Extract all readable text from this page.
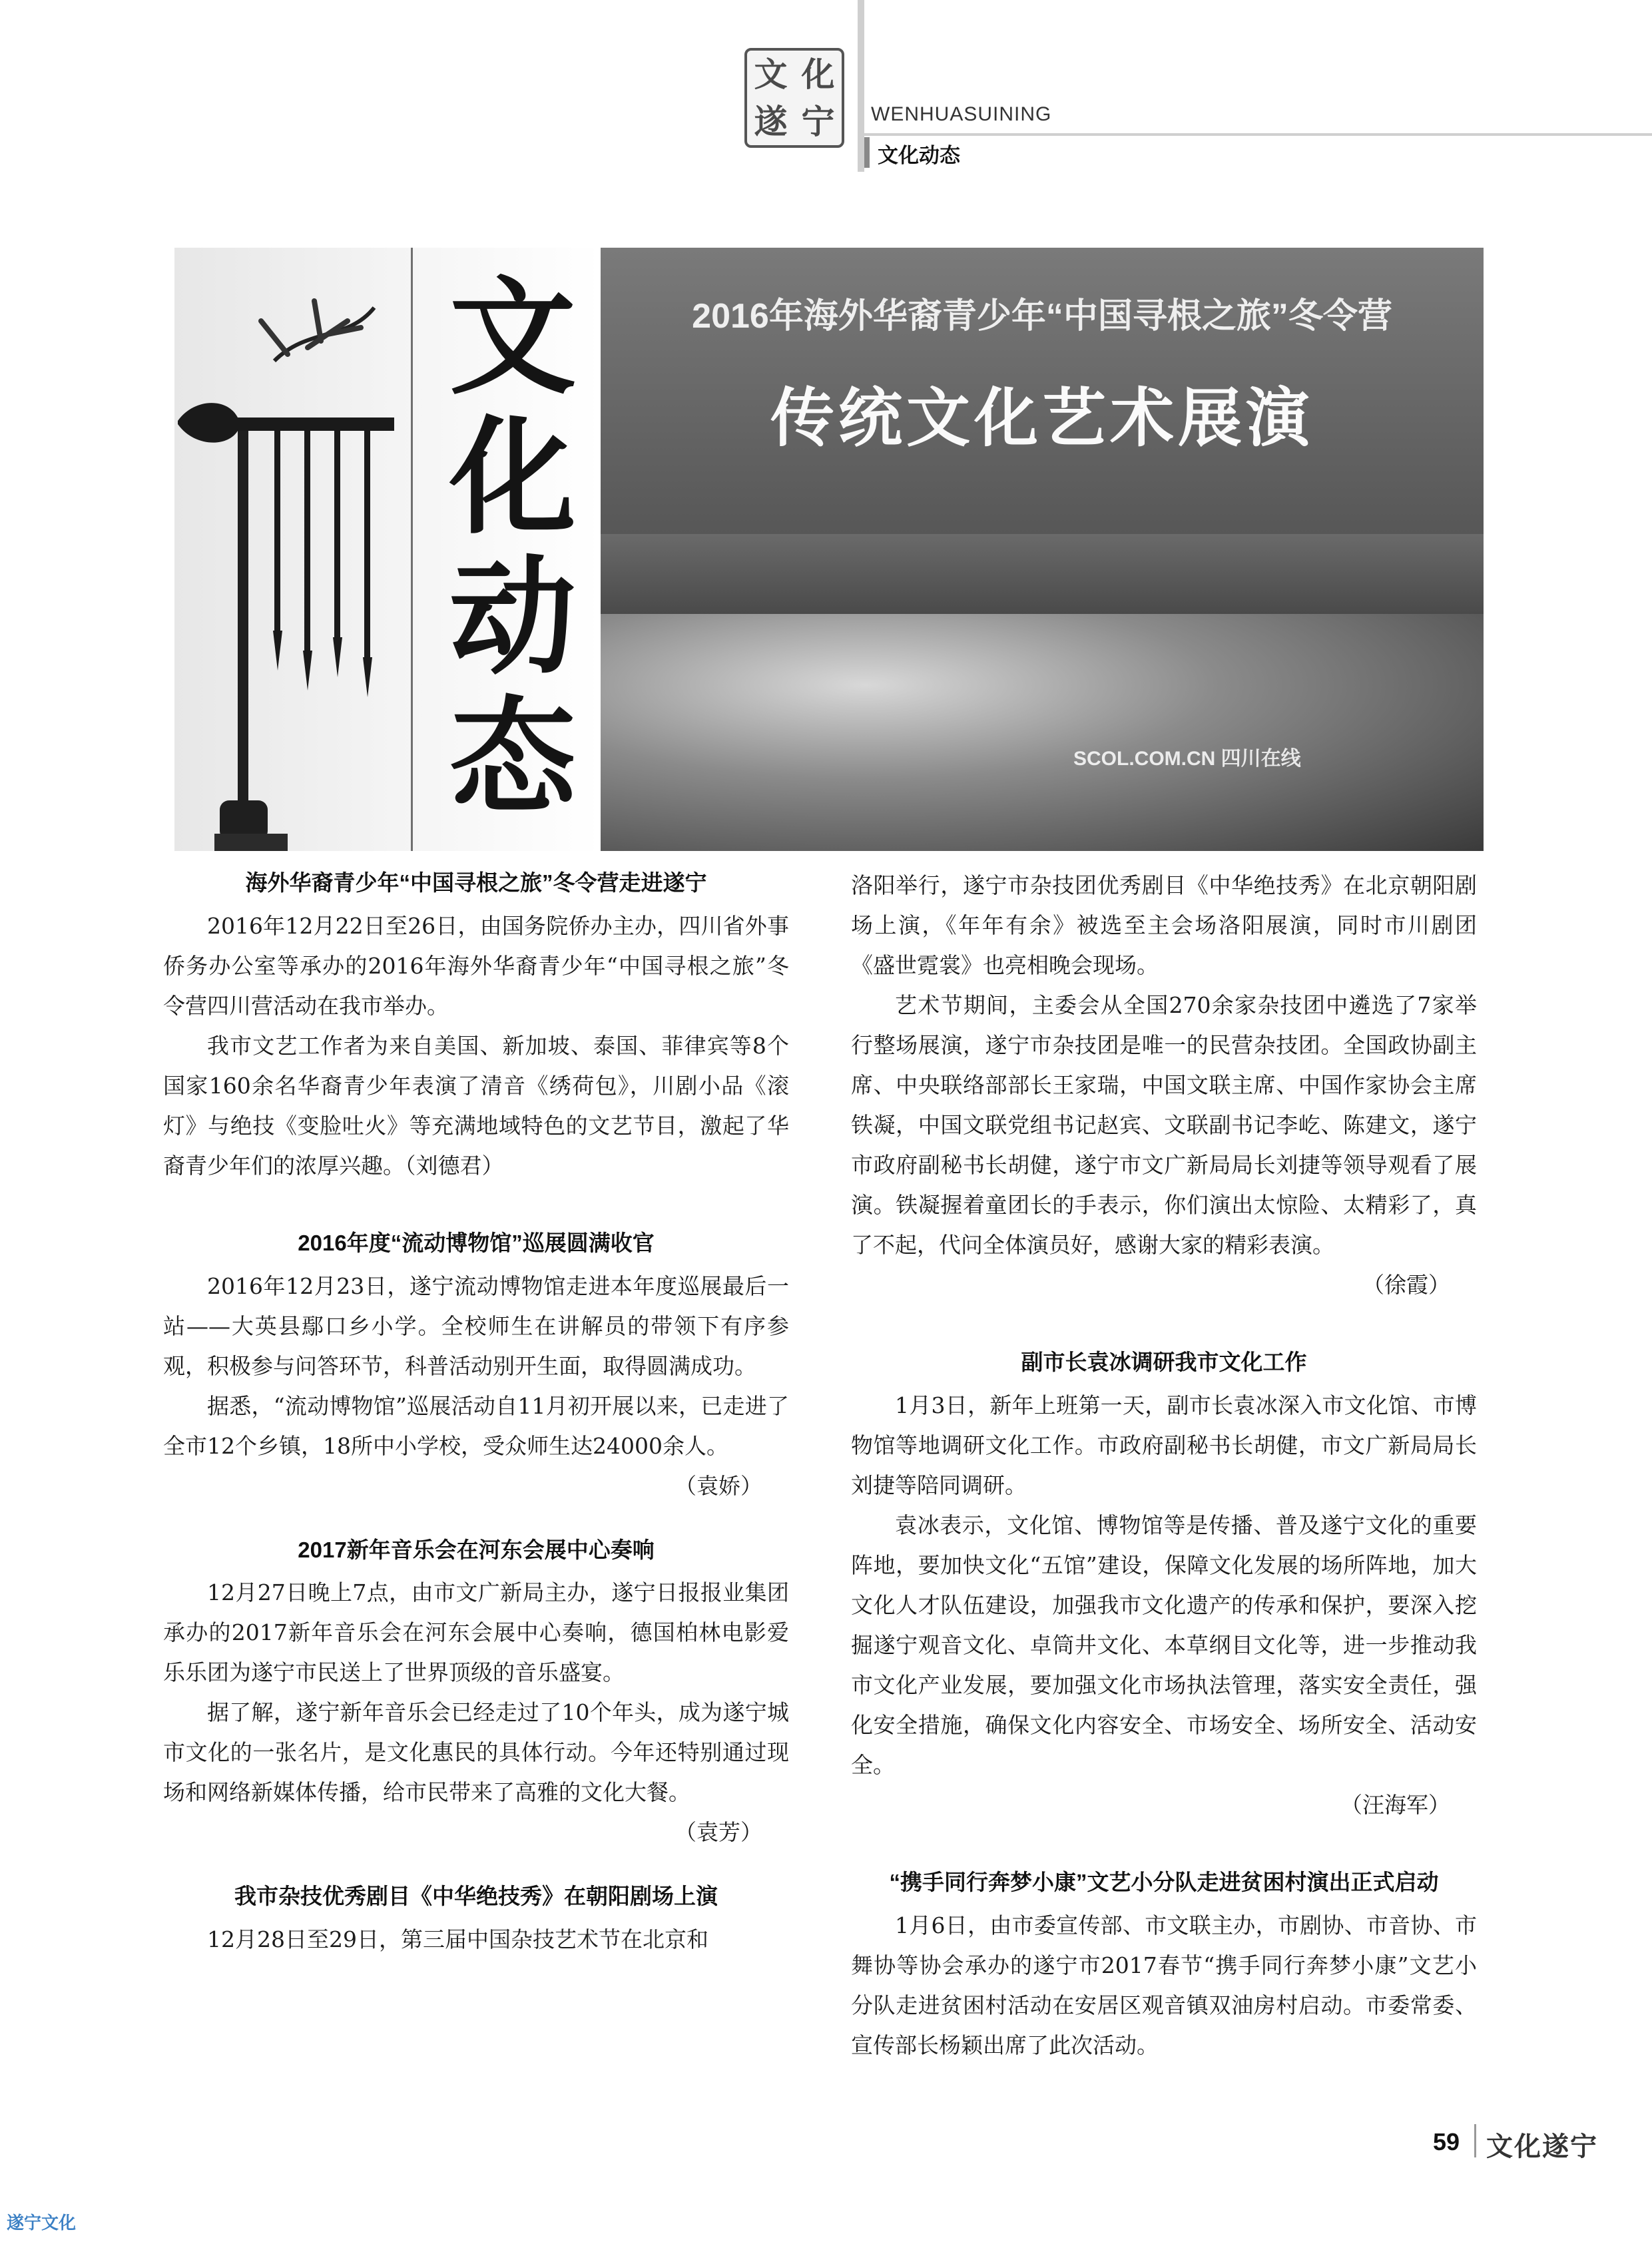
文 化
遂 宁 WENHUASUINING
文化动态
文
化
动
态
2016年海外华裔青少年“中国寻根之旅”冬令营
传统文化艺术展演
SCOL.COM.CN 四川在线
海外华裔青少年“中国寻根之旅”冬令营走进遂宁

2016年12月22日至26日，由国务院侨办主办，四川省外事侨务办公室等承办的2016年海外华裔青少年“中国寻根之旅”冬令营四川营活动在我市举办。

我市文艺工作者为来自美国、新加坡、泰国、菲律宾等8个国家160余名华裔青少年表演了清音《绣荷包》，川剧小品《滚灯》与绝技《变脸吐火》等充满地域特色的文艺节目，激起了华裔青少年们的浓厚兴趣。（刘德君）

2016年度“流动博物馆”巡展圆满收官

2016年12月23日，遂宁流动博物馆走进本年度巡展最后一站——大英县鄢口乡小学。全校师生在讲解员的带领下有序参观，积极参与问答环节，科普活动别开生面，取得圆满成功。

据悉，“流动博物馆”巡展活动自11月初开展以来，已走进了全市12个乡镇，18所中小学校，受众师生达24000余人。

（袁娇）

2017新年音乐会在河东会展中心奏响

12月27日晚上7点，由市文广新局主办，遂宁日报报业集团承办的2017新年音乐会在河东会展中心奏响，德国柏林电影爱乐乐团为遂宁市民送上了世界顶级的音乐盛宴。

据了解，遂宁新年音乐会已经走过了10个年头，成为遂宁城市文化的一张名片，是文化惠民的具体行动。今年还特别通过现场和网络新媒体传播，给市民带来了高雅的文化大餐。

（袁芳）

我市杂技优秀剧目《中华绝技秀》在朝阳剧场上演

12月28日至29日，第三届中国杂技艺术节在北京和

洛阳举行，遂宁市杂技团优秀剧目《中华绝技秀》在北京朝阳剧场上演，《年年有余》被选至主会场洛阳展演，同时市川剧团《盛世霓裳》也亮相晚会现场。

艺术节期间，主委会从全国270余家杂技团中遴选了7家举行整场展演，遂宁市杂技团是唯一的民营杂技团。全国政协副主席、中央联络部部长王家瑞，中国文联主席、中国作家协会主席铁凝，中国文联党组书记赵宾、文联副书记李屹、陈建文，遂宁市政府副秘书长胡健，遂宁市文广新局局长刘捷等领导观看了展演。铁凝握着童团长的手表示，你们演出太惊险、太精彩了，真了不起，代问全体演员好，感谢大家的精彩表演。

（徐霞）

副市长袁冰调研我市文化工作

1月3日，新年上班第一天，副市长袁冰深入市文化馆、市博物馆等地调研文化工作。市政府副秘书长胡健，市文广新局局长刘捷等陪同调研。

袁冰表示，文化馆、博物馆等是传播、普及遂宁文化的重要阵地，要加快文化“五馆”建设，保障文化发展的场所阵地，加大文化人才队伍建设，加强我市文化遗产的传承和保护，要深入挖掘遂宁观音文化、卓筒井文化、本草纲目文化等，进一步推动我市文化产业发展，要加强文化市场执法管理，落实安全责任，强化安全措施，确保文化内容安全、市场安全、场所安全、活动安全。

（汪海军）

“携手同行奔梦小康”文艺小分队走进贫困村演出正式启动

1月6日，由市委宣传部、市文联主办，市剧协、市音协、市舞协等协会承办的遂宁市2017春节“携手同行奔梦小康”文艺小分队走进贫困村活动在安居区观音镇双油房村启动。市委常委、宣传部长杨颖出席了此次活动。

59 文化遂宁
遂宁文化
